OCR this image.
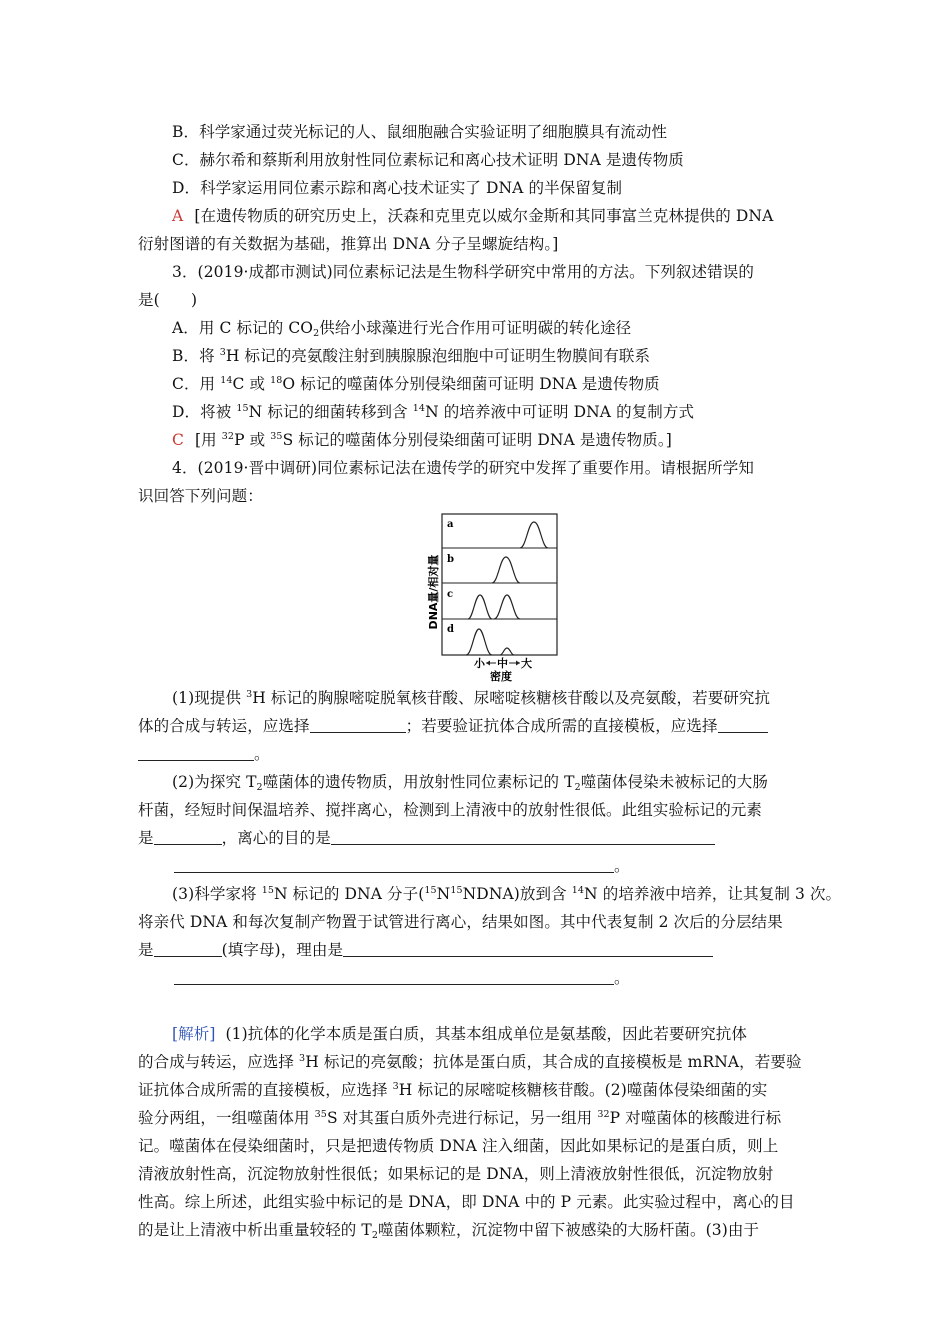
B．科学家通过荧光标记的人、鼠细胞融合实验证明了细胞膜具有流动性
C．赫尔希和蔡斯利用放射性同位素标记和离心技术证明 DNA 是遗传物质
D．科学家运用同位素示踪和离心技术证实了 DNA 的半保留复制
A [在遗传物质的研究历史上，沃森和克里克以威尔金斯和其同事富兰克林提供的 DNA
衍射图谱的有关数据为基础，推算出 DNA 分子呈螺旋结构。]
3．(2019·成都市测试)同位素标记法是生物科学研究中常用的方法。下列叙述错误的
是(　　)
A．用 C 标记的 $CO_2$供给小球藻进行光合作用可证明碳的转化途径
B．将 $^3$H 标记的亮氨酸注射到胰腺腺泡细胞中可证明生物膜间有联系
C．用 $^{14}$C 或 $^{18}$O 标记的噬菌体分别侵染细菌可证明 DNA 是遗传物质
D．将被 $^{15}$N 标记的细菌转移到含 $^{14}$N 的培养液中可证明 DNA 的复制方式
C [用 $^{32}$P 或 $^{35}$S 标记的噬菌体分别侵染细菌可证明 DNA 是遗传物质。]
4．(2019·晋中调研)同位素标记法在遗传学的研究中发挥了重要作用。请根据所学知
识回答下列问题：
DNA量/相对量
a
b
c
d
小 中 大
密度
(1)现提供 $^3$H 标记的胸腺嘧啶脱氧核苷酸、尿嘧啶核糖核苷酸以及亮氨酸，若要研究抗
体的合成与转运，应选择	；若要验证抗体合成所需的直接模板，应选择
。
(2)为探究 $T_2$噬菌体的遗传物质，用放射性同位素标记的 $T_2$噬菌体侵染未被标记的大肠
杆菌，经短时间保温培养、搅拌离心，检测到上清液中的放射性很低。此组实验标记的元素
是	，离心的目的是
。
(3)科学家将 $^{15}$N 标记的 DNA 分子$(^{15}N^{15}NDNA)$放到含 $^{14}$N 的培养液中培养，让其复制 3 次。
将亲代 DNA 和每次复制产物置于试管进行离心，结果如图。其中代表复制 2 次后的分层结果
是	(填字母)，理由是
。
[解析] (1)抗体的化学本质是蛋白质，其基本组成单位是氨基酸，因此若要研究抗体
的合成与转运，应选择 $^3$H 标记的亮氨酸；抗体是蛋白质，其合成的直接模板是 mRNA，若要验
证抗体合成所需的直接模板，应选择 $^3$H 标记的尿嘧啶核糖核苷酸。(2)噬菌体侵染细菌的实
验分两组，一组噬菌体用 $^{35}$S 对其蛋白质外壳进行标记，另一组用 $^{32}$P 对噬菌体的核酸进行标
记。噬菌体在侵染细菌时，只是把遗传物质 DNA 注入细菌，因此如果标记的是蛋白质，则上
清液放射性高，沉淀物放射性很低；如果标记的是 DNA，则上清液放射性很低，沉淀物放射
性高。综上所述，此组实验中标记的是 DNA，即 DNA 中的 P 元素。此实验过程中，离心的目
的是让上清液中析出重量较轻的 $T_2$噬菌体颗粒，沉淀物中留下被感染的大肠杆菌。(3)由于
